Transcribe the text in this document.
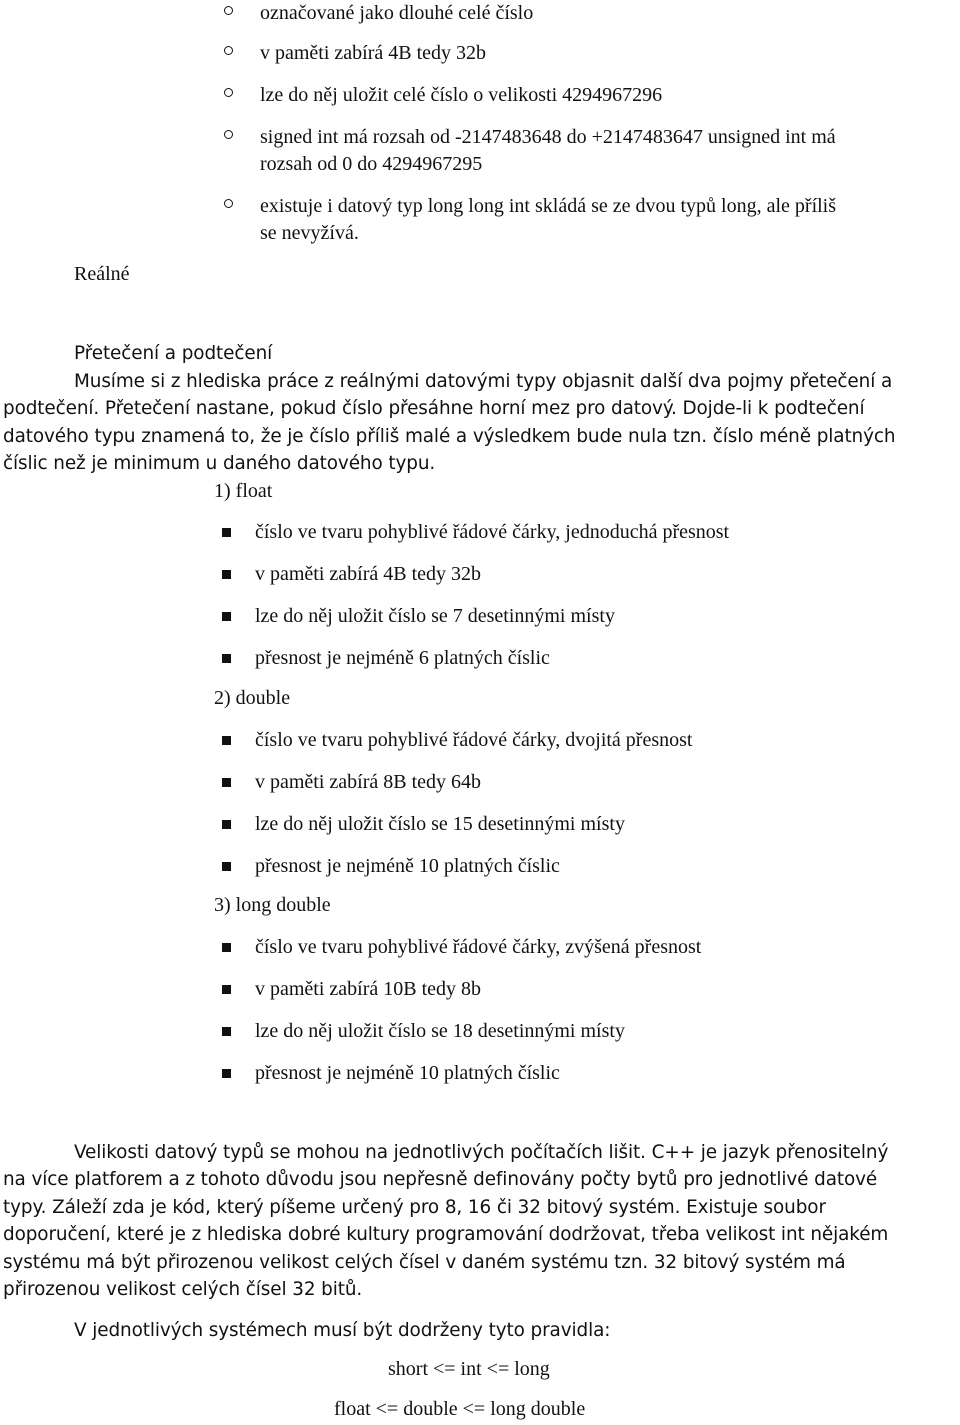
označované jako dlouhé celé číslo
v paměti zabírá 4B tedy 32b
lze do něj uložit celé číslo o velikosti 4294967296
signed int má rozsah od -2147483648 do +2147483647 unsigned int má
rozsah od 0 do 4294967295
existuje i datový typ long long int skládá se ze dvou typů long, ale příliš
se nevyžívá.
Reálné
Přetečení a podtečení
Musíme si z hlediska práce z reálnými datovými typy objasnit další dva pojmy přetečení a
podtečení. Přetečení nastane, pokud číslo přesáhne horní mez pro datový. Dojde-li k podtečení
datového typu znamená to, že je číslo příliš malé a výsledkem bude nula tzn. číslo méně platných
číslic než je minimum u daného datového typu.
1) float
číslo ve tvaru pohyblivé řádové čárky, jednoduchá přesnost
v paměti zabírá 4B tedy 32b
lze do něj uložit číslo se 7 desetinnými místy
přesnost je nejméně 6 platných číslic
2) double
číslo ve tvaru pohyblivé řádové čárky, dvojitá přesnost
v paměti zabírá 8B tedy 64b
lze do něj uložit číslo se 15 desetinnými místy
přesnost je nejméně 10 platných číslic
3) long double
číslo ve tvaru pohyblivé řádové čárky, zvýšená přesnost
v paměti zabírá 10B tedy 8b
lze do něj uložit číslo se 18 desetinnými místy
přesnost je nejméně 10 platných číslic
Velikosti datový typů se mohou na jednotlivých počítačích lišit. C++ je jazyk přenositelný
na více platforem a z tohoto důvodu jsou nepřesně definovány počty bytů pro jednotlivé datové
typy. Záleží zda je kód, který píšeme určený pro 8, 16 či 32 bitový systém. Existuje soubor
doporučení, které je z hlediska dobré kultury programování dodržovat, třeba velikost int nějakém
systému má být přirozenou velikost celých čísel v daném systému tzn. 32 bitový systém má
přirozenou velikost celých čísel 32 bitů.
V jednotlivých systémech musí být dodrženy tyto pravidla:
short <= int <= long
float <= double <= long double
